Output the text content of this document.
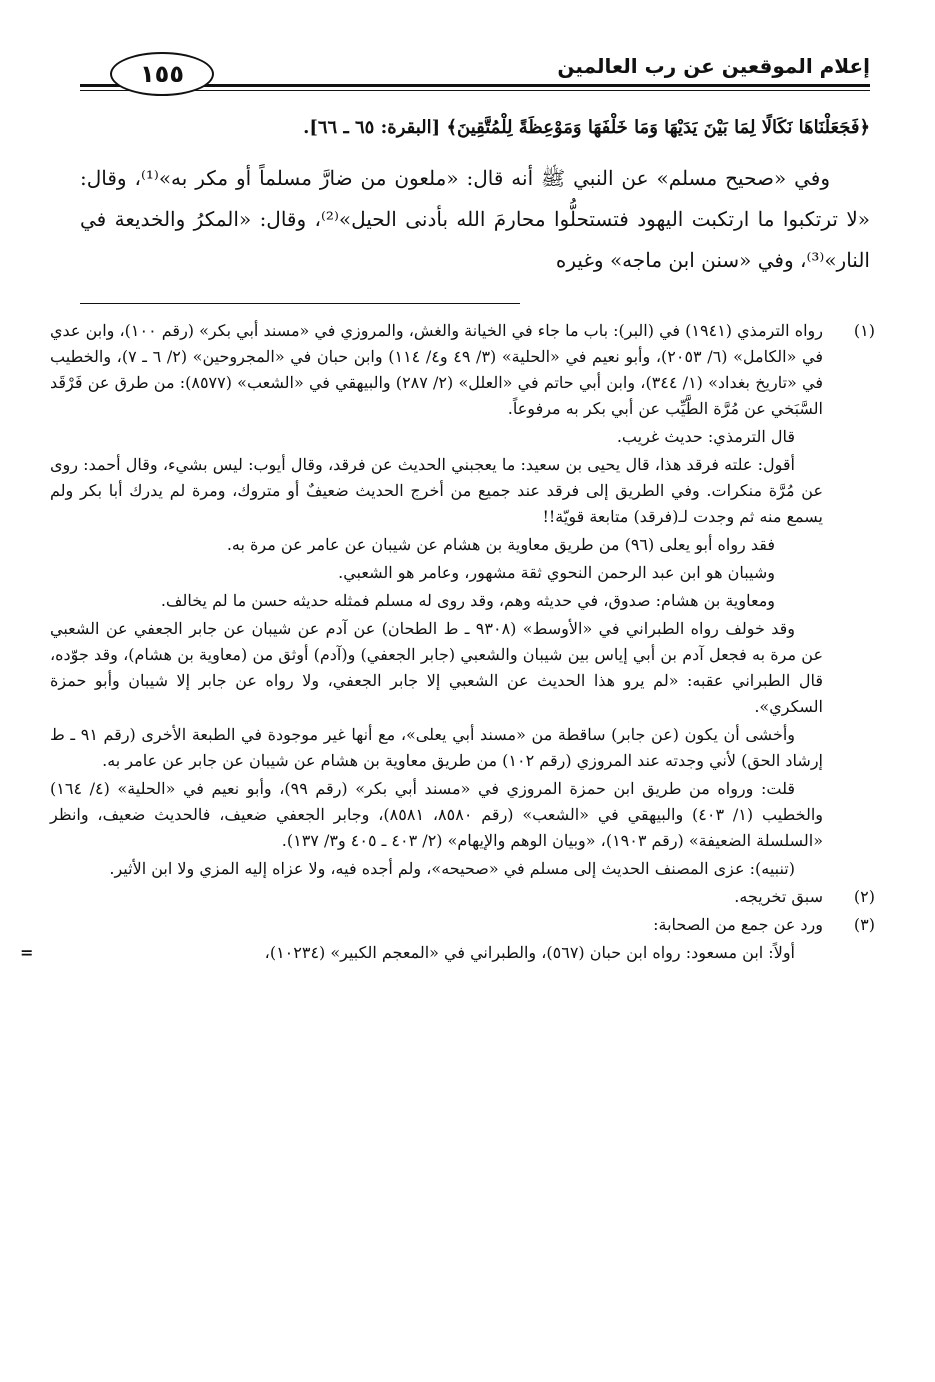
إعلام الموقعين عن رب العالمين
١٥٥

﴿فَجَعَلْنَاهَا نَكَالًا لِمَا بَيْنَ يَدَيْهَا وَمَا خَلْفَهَا وَمَوْعِظَةً لِلْمُتَّقِينَ﴾ [البقرة: ٦٥ ـ ٦٦].

وفي «صحيح مسلم» عن النبي ﷺ أنه قال: «ملعون من ضارَّ مسلماً أو مكر به»⁽¹⁾، وقال: «لا ترتكبوا ما ارتكبت اليهود فتستحلُّوا محارمَ الله بأدنى الحيل»⁽²⁾، وقال: «المكرُ والخديعة في النار»⁽³⁾، وفي «سنن ابن ماجه» وغيره

(١)

رواه الترمذي (١٩٤١) في (البر): باب ما جاء في الخيانة والغش، والمروزي في «مسند أبي بكر» (رقم ١٠٠)، وابن عدي في «الكامل» (٦/ ٢٠٥٣)، وأبو نعيم في «الحلية» (٣/ ٤٩ و٤/ ١١٤) وابن حبان في «المجروحين» (٢/ ٦ ـ ٧)، والخطيب في «تاريخ بغداد» (١/ ٣٤٤)، وابن أبي حاتم في «العلل» (٢/ ٢٨٧) والبيهقي في «الشعب» (٨٥٧٧): من طرق عن فَرْقَد السَّبَخي عن مُرَّة الطَّيِّب عن أبي بكر به مرفوعاً.

قال الترمذي: حديث غريب.

أقول: علته فرقد هذا، قال يحيى بن سعيد: ما يعجبني الحديث عن فرقد، وقال أيوب: ليس بشيء، وقال أحمد: روى عن مُرَّة منكرات. وفي الطريق إلى فرقد عند جميع من أخرج الحديث ضعيفٌ أو متروك، ومرة لم يدرك أبا بكر ولم يسمع منه ثم وجدت لـ(فرقد) متابعة قويّة!!

فقد رواه أبو يعلى (٩٦) من طريق معاوية بن هشام عن شيبان عن عامر عن مرة به.

وشيبان هو ابن عبد الرحمن النحوي ثقة مشهور، وعامر هو الشعبي.

ومعاوية بن هشام: صدوق، في حديثه وهم، وقد روى له مسلم فمثله حديثه حسن ما لم يخالف.

وقد خولف رواه الطبراني في «الأوسط» (٩٣٠٨ ـ ط الطحان) عن آدم عن شيبان عن جابر الجعفي عن الشعبي عن مرة به فجعل آدم بن أبي إياس بين شيبان والشعبي (جابر الجعفي) و(آدم) أوثق من (معاوية بن هشام)، وقد جوّده، قال الطبراني عقبه: «لم يرو هذا الحديث عن الشعبي إلا جابر الجعفي، ولا رواه عن جابر إلا شيبان وأبو حمزة السكري».

وأخشى أن يكون (عن جابر) ساقطة من «مسند أبي يعلى»، مع أنها غير موجودة في الطبعة الأخرى (رقم ٩١ ـ ط إرشاد الحق) لأني وجدته عند المروزي (رقم ١٠٢) من طريق معاوية بن هشام عن شيبان عن جابر عن عامر به.

قلت: ورواه من طريق ابن حمزة المروزي في «مسند أبي بكر» (رقم ٩٩)، وأبو نعيم في «الحلية» (٤/ ١٦٤) والخطيب (١/ ٤٠٣) والبيهقي في «الشعب» (رقم ٨٥٨٠، ٨٥٨١)، وجابر الجعفي ضعيف، فالحديث ضعيف، وانظر «السلسلة الضعيفة» (رقم ١٩٠٣)، «وبيان الوهم والإيهام» (٢/ ٤٠٣ ـ ٤٠٥ و٣/ ١٣٧).

(تنبيه): عزى المصنف الحديث إلى مسلم في «صحيحه»، ولم أجده فيه، ولا عزاه إليه المزي ولا ابن الأثير.

(٢)

سبق تخريجه.

(٣)

ورد عن جمع من الصحابة:

أولاً: ابن مسعود: رواه ابن حبان (٥٦٧)، والطبراني في «المعجم الكبير» (١٠٢٣٤)،
=
